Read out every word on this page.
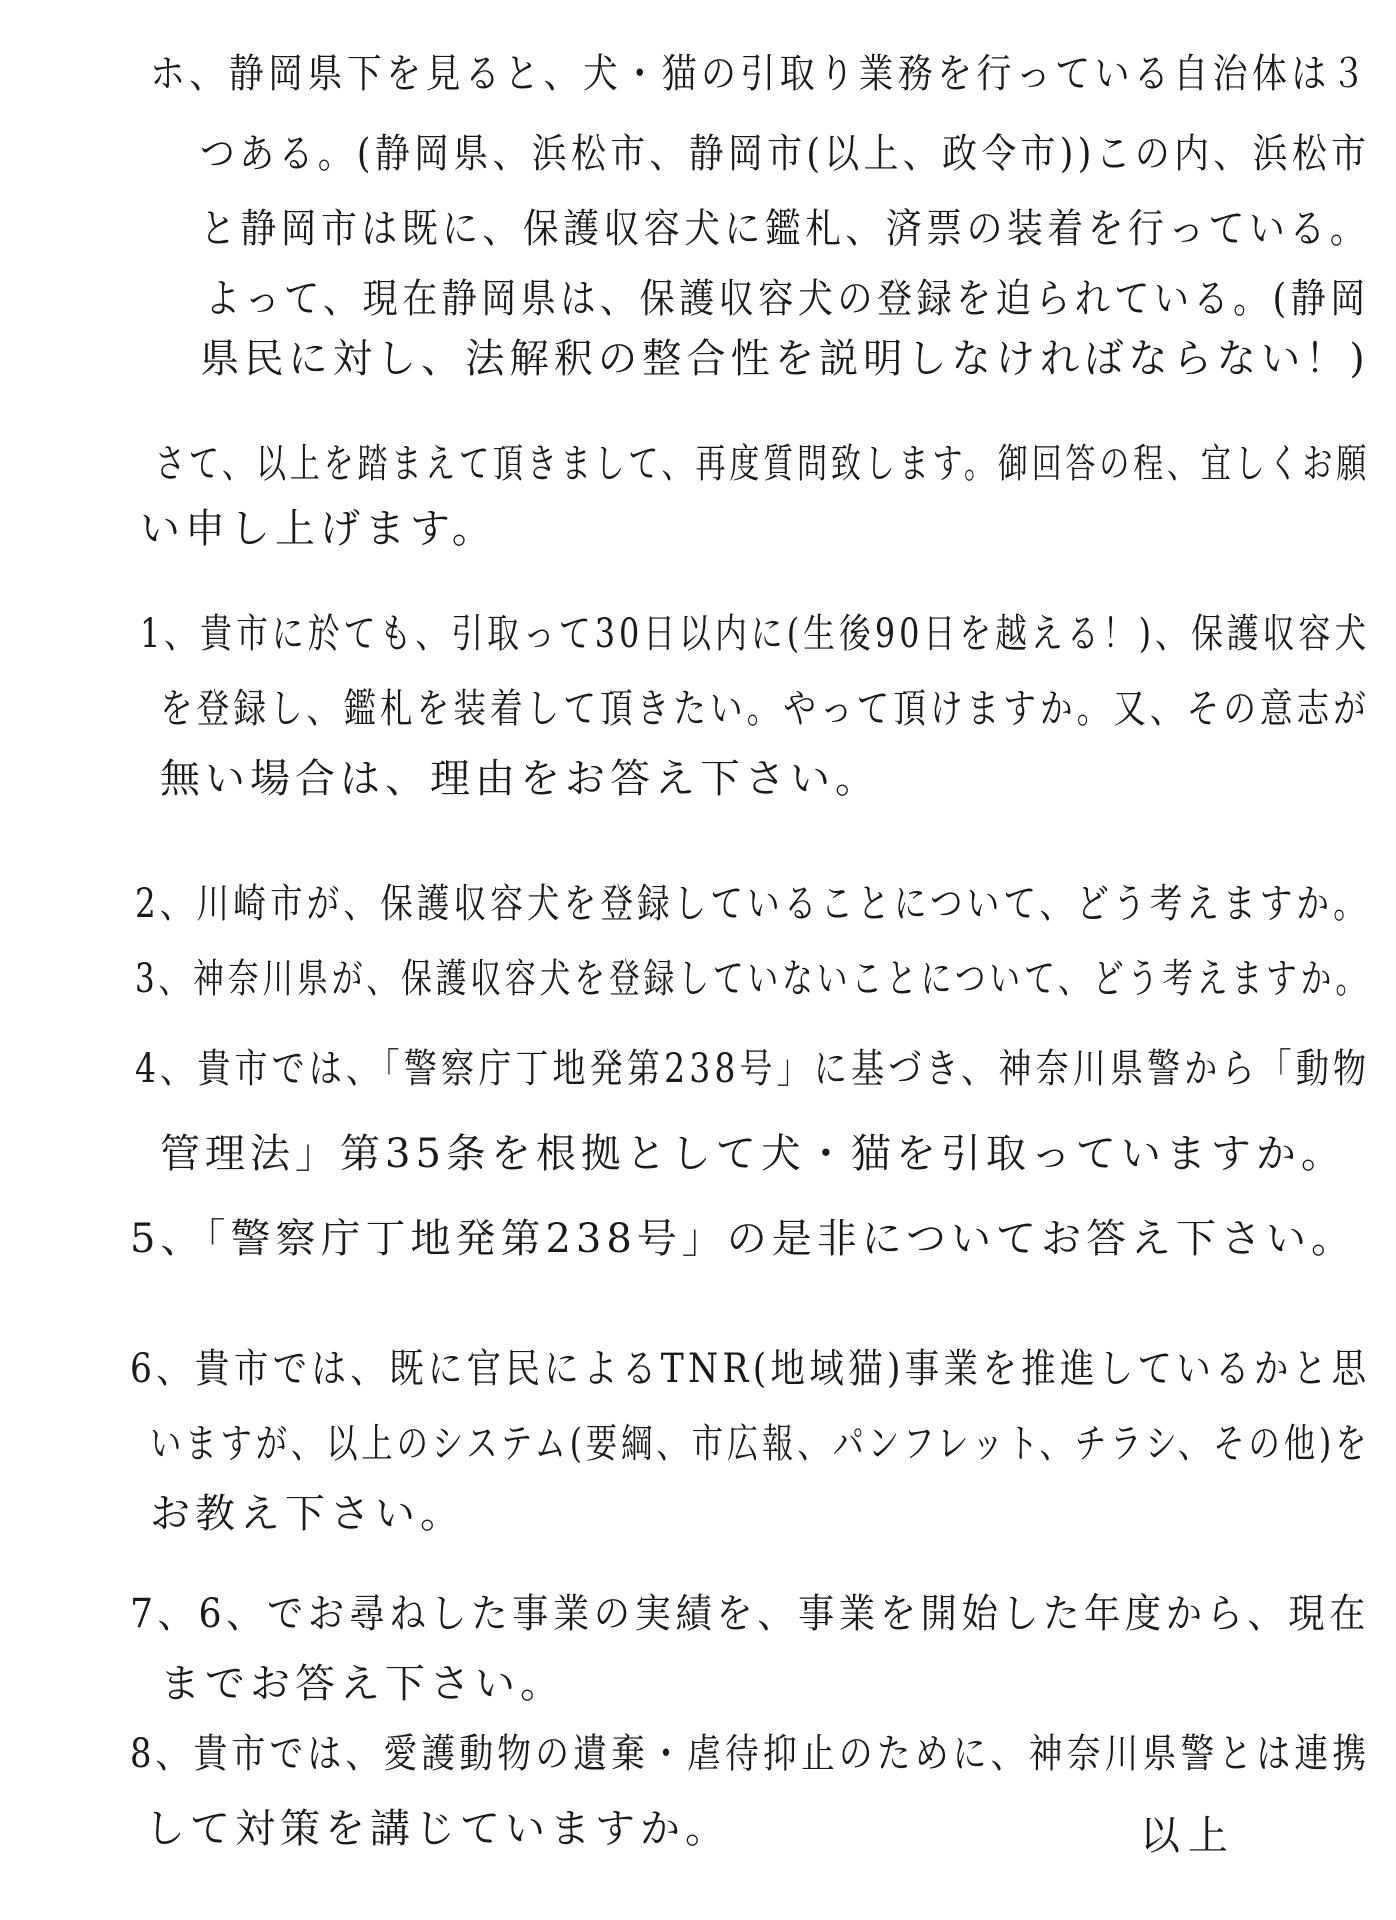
ホ、静岡県下を見ると、犬・猫の引取り業務を行っている自治体は３
つある。(静岡県、浜松市、静岡市(以上、政令市))この内、浜松市
と静岡市は既に、保護収容犬に鑑札、済票の装着を行っている。
よって、現在静岡県は、保護収容犬の登録を迫られている。(静岡
県民に対し、法解釈の整合性を説明しなければならない！)
さて、以上を踏まえて頂きまして、再度質問致します。御回答の程、宜しくお願
い申し上げます。
1、貴市に於ても、引取って30日以内に(生後90日を越える！)、保護収容犬
を登録し、鑑札を装着して頂きたい。やって頂けますか。又、その意志が
無い場合は、理由をお答え下さい。
2、川崎市が、保護収容犬を登録していることについて、どう考えますか。
3、神奈川県が、保護収容犬を登録していないことについて、どう考えますか。
4、貴市では、「警察庁丁地発第238号」に基づき、神奈川県警から「動物
管理法」第35条を根拠として犬・猫を引取っていますか。
5、「警察庁丁地発第238号」の是非についてお答え下さい。
6、貴市では、既に官民によるTNR(地域猫)事業を推進しているかと思
いますが、以上のシステム(要綱、市広報、パンフレット、チラシ、その他)を
お教え下さい。
7、6、でお尋ねした事業の実績を、事業を開始した年度から、現在
までお答え下さい。
8、貴市では、愛護動物の遺棄・虐待抑止のために、神奈川県警とは連携
して対策を講じていますか。	以上
